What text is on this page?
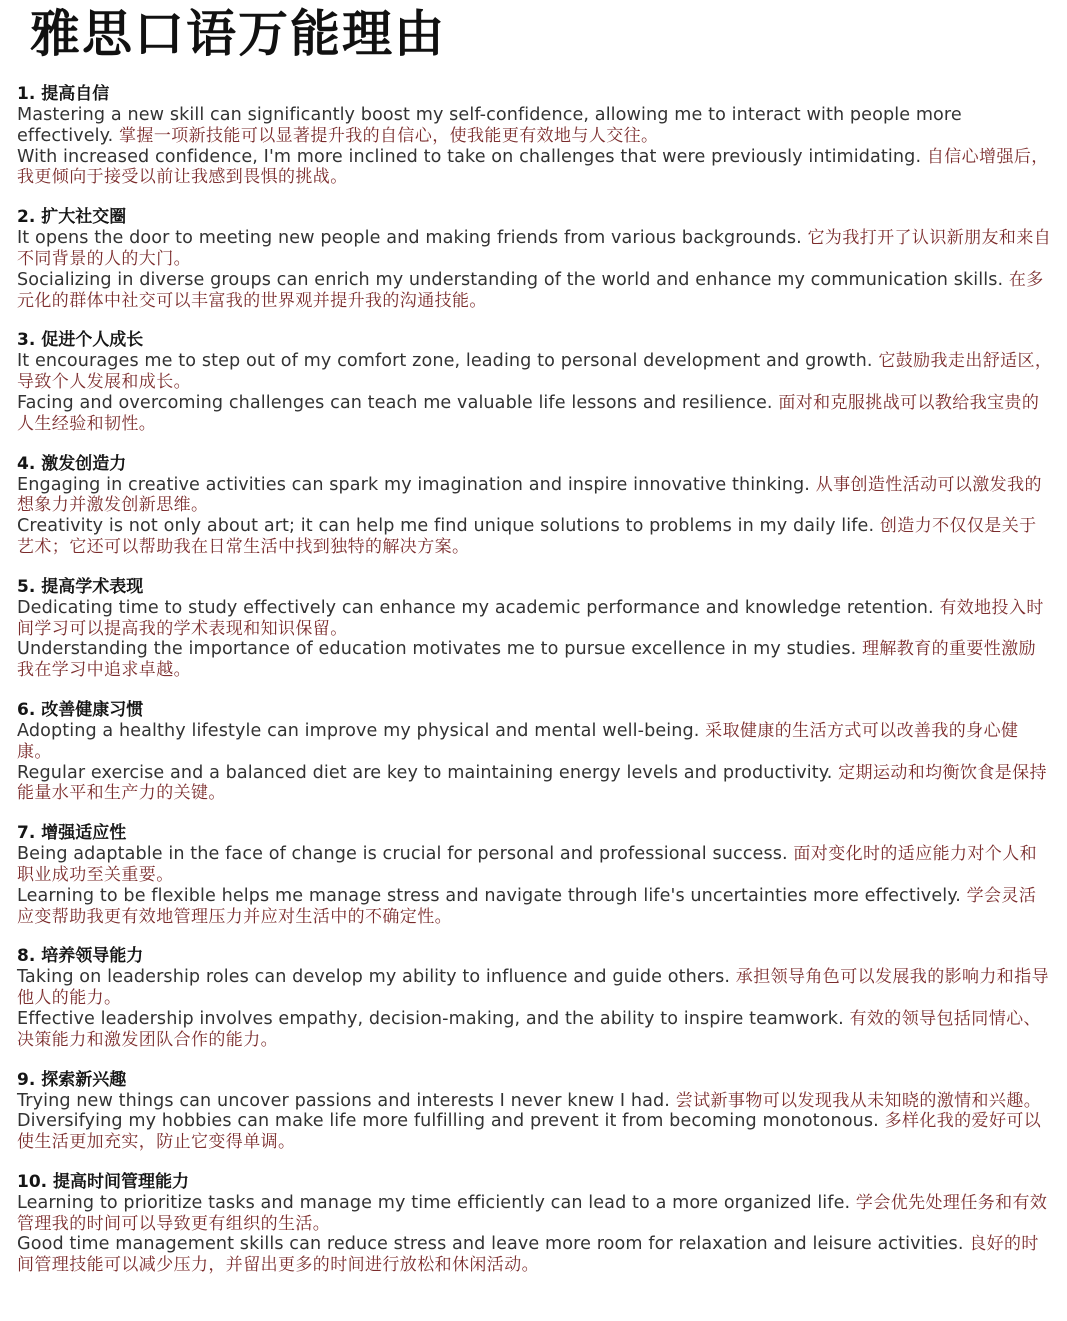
雅思口语万能理由
1. 提高自信

Mastering a new skill can significantly boost my self-confidence, allowing me to interact with people more effectively. 掌握一项新技能可以显著提升我的自信心，使我能更有效地与人交往。

With increased confidence, I'm more inclined to take on challenges that were previously intimidating. 自信心增强后，我更倾向于接受以前让我感到畏惧的挑战。

2. 扩大社交圈

It opens the door to meeting new people and making friends from various backgrounds. 它为我打开了认识新朋友和来自不同背景的人的大门。

Socializing in diverse groups can enrich my understanding of the world and enhance my communication skills. 在多元化的群体中社交可以丰富我的世界观并提升我的沟通技能。

3. 促进个人成长

It encourages me to step out of my comfort zone, leading to personal development and growth. 它鼓励我走出舒适区，导致个人发展和成长。

Facing and overcoming challenges can teach me valuable life lessons and resilience. 面对和克服挑战可以教给我宝贵的人生经验和韧性。

4. 激发创造力

Engaging in creative activities can spark my imagination and inspire innovative thinking. 从事创造性活动可以激发我的想象力并激发创新思维。

Creativity is not only about art; it can help me find unique solutions to problems in my daily life. 创造力不仅仅是关于艺术；它还可以帮助我在日常生活中找到独特的解决方案。

5. 提高学术表现

Dedicating time to study effectively can enhance my academic performance and knowledge retention. 有效地投入时间学习可以提高我的学术表现和知识保留。

Understanding the importance of education motivates me to pursue excellence in my studies. 理解教育的重要性激励我在学习中追求卓越。

6. 改善健康习惯

Adopting a healthy lifestyle can improve my physical and mental well-being. 采取健康的生活方式可以改善我的身心健康。

Regular exercise and a balanced diet are key to maintaining energy levels and productivity. 定期运动和均衡饮食是保持能量水平和生产力的关键。

7. 增强适应性

Being adaptable in the face of change is crucial for personal and professional success. 面对变化时的适应能力对个人和职业成功至关重要。

Learning to be flexible helps me manage stress and navigate through life's uncertainties more effectively. 学会灵活应变帮助我更有效地管理压力并应对生活中的不确定性。

8. 培养领导能力

Taking on leadership roles can develop my ability to influence and guide others. 承担领导角色可以发展我的影响力和指导他人的能力。

Effective leadership involves empathy, decision-making, and the ability to inspire teamwork. 有效的领导包括同情心、决策能力和激发团队合作的能力。

9. 探索新兴趣

Trying new things can uncover passions and interests I never knew I had. 尝试新事物可以发现我从未知晓的激情和兴趣。

Diversifying my hobbies can make life more fulfilling and prevent it from becoming monotonous. 多样化我的爱好可以使生活更加充实，防止它变得单调。

10. 提高时间管理能力

Learning to prioritize tasks and manage my time efficiently can lead to a more organized life. 学会优先处理任务和有效管理我的时间可以导致更有组织的生活。

Good time management skills can reduce stress and leave more room for relaxation and leisure activities. 良好的时间管理技能可以减少压力，并留出更多的时间进行放松和休闲活动。
